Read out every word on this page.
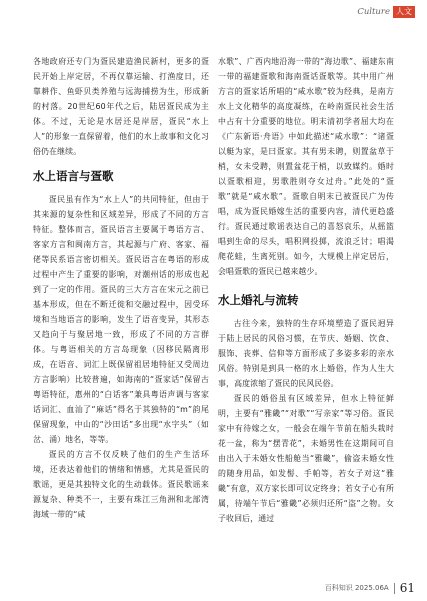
Culture 人文

各地政府还专门为疍民建造渔民新村，更多的疍民开始上岸定居，不再仅靠运输、打渔度日，还靠耕作、鱼虾贝类养殖与远海捕捞为生，形成新的村落。20世纪60年代之后，陆居疍民成为主体。不过，无论是水居还是岸居，疍民“水上人”的形象一直保留着，他们的水上故事和文化习俗仍在继续。

水上语言与疍歌

疍民虽有作为“水上人”的共同特征，但由于其来源的复杂性和区域差异，形成了不同的方言特征。整体而言，疍民语言主要属于粤语方言、客家方言和闽南方言，其起源与广府、客家、福佬等民系语言密切相关。疍民语言在粤语的形成过程中产生了重要的影响，对潮州话的形成也起到了一定的作用。疍民的三大方言在宋元之前已基本形成，但在不断迁徙和交融过程中，因受环境和当地语言的影响，发生了语音变异，其形态又趋向于与聚居地一致，形成了不同的方言群体。与粤语相关的方言岛现象（因移民隔离形成，在语音、词汇上既保留祖居地特征又受周边方言影响）比较普遍，如海南的“疍家话”保留古粤语特征，惠州的“白话客”兼具粤语声调与客家话词汇、血汕了“麻话”得名于其独特的“m”韵尾保留现象，中山的“沙田话”多出现“水字头”（如岔、涌）地名，等等。

疍民的方言不仅反映了他们的生产生活环境，还表达着他们的情绪和情感，尤其是疍民的歌谣，更是其独特文化的生动载体。疍民歌谣来源复杂、种类不一，主要有珠江三角洲和北部湾海域一带的“咸

水歌”、广西内地沿海一带的“海边歌”、福建东南一带的福建疍歌和海南疍话疍歌等。其中用广州方言的疍家话所唱的“咸水歌”较为经典，是南方水上文化精华的高度凝练，在岭南疍民社会生活中占有十分重要的地位。明末清初学者屈大均在《广东新语·舟语》中如此描述“咸水歌”：“诸疍以艇为家，是曰疍家。其有男未聘，则置盆草于梢，女未受聘，则置盆花于梢，以致媒约。婚时以疍歌相迎，男歌胜则夺女过舟。”此处的“疍歌”就是“咸水歌”。疍歌自明末已被疍民广为传唱，成为疍民婚嫁生活的重要内容，清代更趋盛行。疍民通过歌谣表达自己的喜怒哀乐，从摇篮唱到生命的尽头，唱积网投掷，流浪乏讨；唱渴爬花蛙，生离死别。如今，大规模上岸定居后，会唱疍歌的疍民已越来越少。

水上婚礼与流转

古往今来，独特的生存环境塑造了疍民迥异于陆上居民的风俗习惯，在节庆、婚姻、饮食、服饰、丧葬、信仰等方面形成了多姿多彩的亲水风俗。特别是到具一格的水上婚俗，作为人生大事，高度浓缩了疍民的民风民俗。

疍民的婚俗虽有区域差异，但水上特征鲜明，主要有“雅畿”“对歌”“写亲家”等习俗。疍民家中有待嫁之女，一般会在端午节前在船头栽时花一盆，称为“摆青花”，未婚男性在这期间可自由出入于未婚女性船舱当“雅畿”，偷盗未婚女性的随身用品，如发髻、手帕等，若女子对这“雅畿”有意，双方家长即可议定终身；若女子心有所属，待端午节后“雅畿”必须归还所“盗”之物。女子收回后，通过

百科知识 2025.06A 61
